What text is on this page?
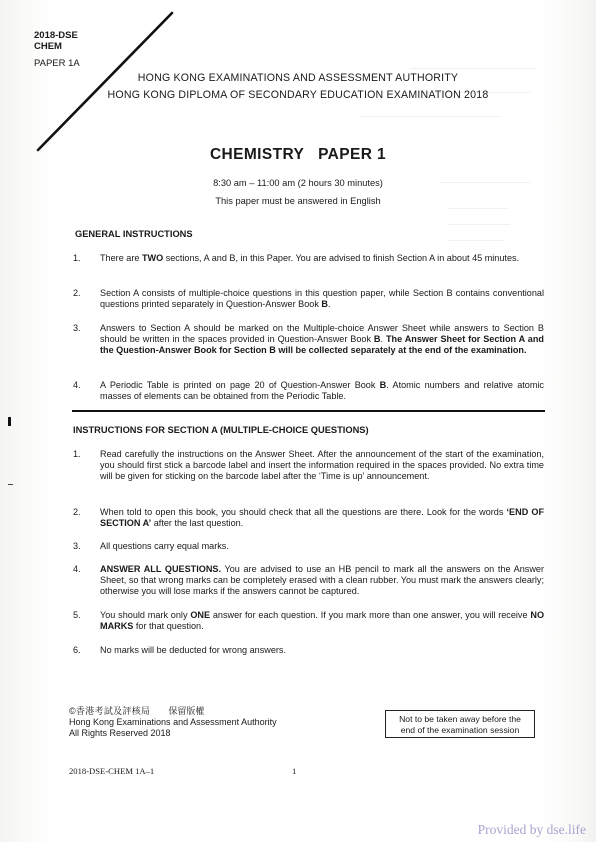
2018-DSE
CHEM
PAPER 1A
HONG KONG EXAMINATIONS AND ASSESSMENT AUTHORITY
HONG KONG DIPLOMA OF SECONDARY EDUCATION EXAMINATION 2018
CHEMISTRY   PAPER 1
8:30 am – 11:00 am (2 hours 30 minutes)
This paper must be answered in English
GENERAL INSTRUCTIONS
1. There are TWO sections, A and B, in this Paper. You are advised to finish Section A in about 45 minutes.
2. Section A consists of multiple-choice questions in this question paper, while Section B contains conventional questions printed separately in Question-Answer Book B.
3. Answers to Section A should be marked on the Multiple-choice Answer Sheet while answers to Section B should be written in the spaces provided in Question-Answer Book B. The Answer Sheet for Section A and the Question-Answer Book for Section B will be collected separately at the end of the examination.
4. A Periodic Table is printed on page 20 of Question-Answer Book B. Atomic numbers and relative atomic masses of elements can be obtained from the Periodic Table.
INSTRUCTIONS FOR SECTION A (MULTIPLE-CHOICE QUESTIONS)
1. Read carefully the instructions on the Answer Sheet. After the announcement of the start of the examination, you should first stick a barcode label and insert the information required in the spaces provided. No extra time will be given for sticking on the barcode label after the ‘Time is up’ announcement.
2. When told to open this book, you should check that all the questions are there. Look for the words ‘END OF SECTION A’ after the last question.
3. All questions carry equal marks.
4. ANSWER ALL QUESTIONS. You are advised to use an HB pencil to mark all the answers on the Answer Sheet, so that wrong marks can be completely erased with a clean rubber. You must mark the answers clearly; otherwise you will lose marks if the answers cannot be captured.
5. You should mark only ONE answer for each question. If you mark more than one answer, you will receive NO MARKS for that question.
6. No marks will be deducted for wrong answers.
©香港考試及評核局 保留版權
Hong Kong Examinations and Assessment Authority
All Rights Reserved 2018
Not to be taken away before the
end of the examination session
2018-DSE-CHEM 1A–1	1
Provided by dse.life
